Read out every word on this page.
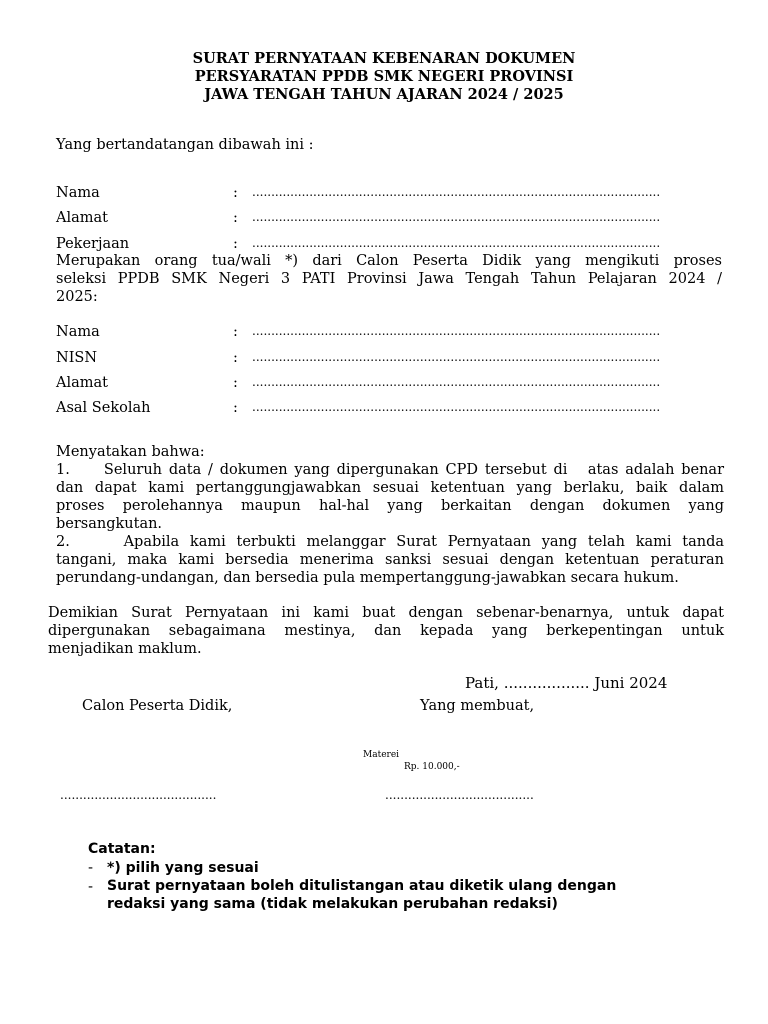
SURAT PERNYATAAN KEBENARAN DOKUMEN
PERSYARATAN PPDB SMK NEGERI PROVINSI
JAWA TENGAH TAHUN AJARAN 2024 / 2025
Yang bertandatangan dibawah ini :
Nama	: ...........................................................................................................
Alamat	: ...........................................................................................................
Pekerjaan	: ...........................................................................................................
Merupakan orang tua/wali *) dari Calon Peserta Didik yang mengikuti proses
seleksi PPDB SMK Negeri 3 PATI Provinsi Jawa Tengah Tahun Pelajaran 2024 /
2025:
Nama	: ...........................................................................................................
NISN	: ...........................................................................................................
Alamat	: ...........................................................................................................
Asal Sekolah	: ...........................................................................................................
Menyatakan bahwa:
1.     Seluruh data / dokumen yang dipergunakan CPD tersebut di   atas adalah benar
dan dapat kami pertanggungjawabkan sesuai ketentuan yang berlaku, baik dalam
proses perolehannya maupun hal-hal yang berkaitan dengan dokumen yang
bersangkutan.
2.     Apabila kami terbukti melanggar Surat Pernyataan yang telah kami tanda
tangani, maka kami bersedia menerima sanksi sesuai dengan ketentuan peraturan
perundang-undangan, dan bersedia pula mempertanggung-jawabkan secara hukum.
Demikian Surat Pernyataan ini kami buat dengan sebenar-benarnya, untuk dapat
dipergunakan sebagaimana mestinya, dan kepada yang berkepentingan untuk
menjadikan maklum.
Pati, .................. Juni 2024
Calon Peserta Didik,	Yang membuat,
Materei
Rp. 10.000,-
.........................................	.......................................
Catatan:
- *) pilih yang sesuai
- Surat pernyataan boleh ditulistangan atau diketik ulang dengan
redaksi yang sama (tidak melakukan perubahan redaksi)
